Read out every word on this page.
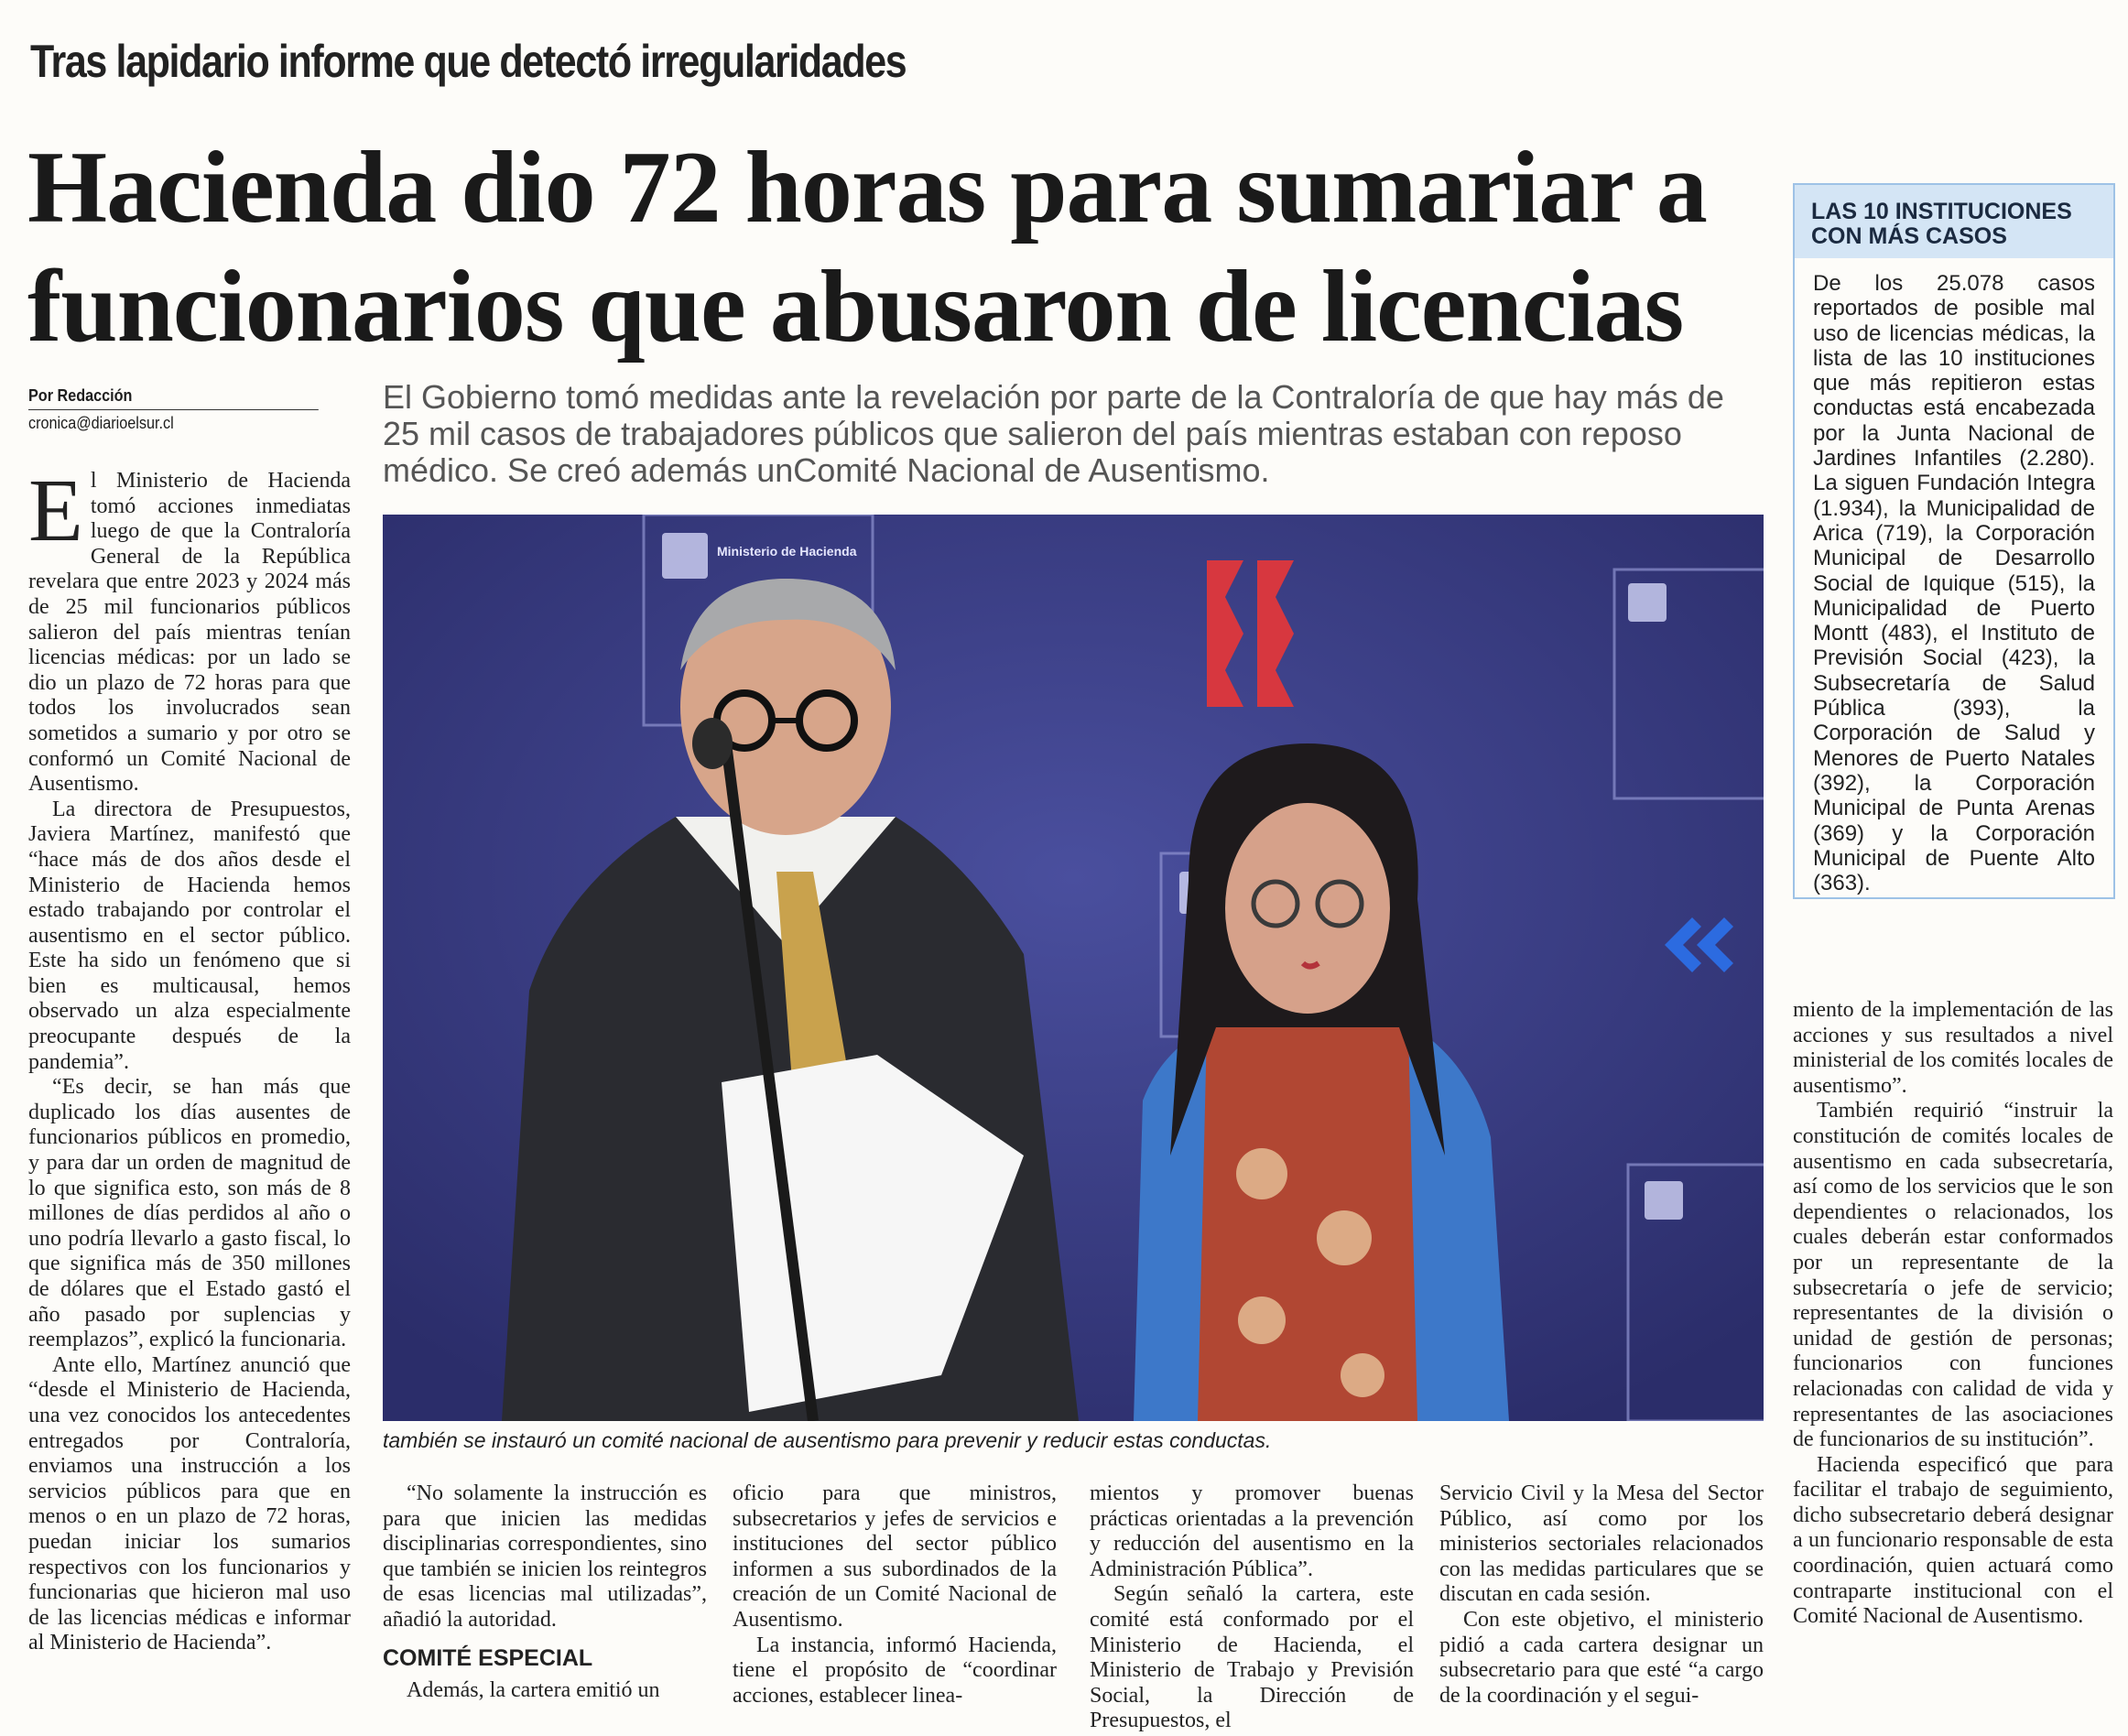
Tras lapidario informe que detectó irregularidades
Hacienda dio 72 horas para sumariar a funcionarios que abusaron de licencias
Por Redacción
cronica@diarioelsur.cl
El Gobierno tomó medidas ante la revelación por parte de la Contraloría de que hay más de 25 mil casos de trabajadores públicos que salieron del país mientras estaban con reposo médico. Se creó además unComité Nacional de Ausentismo.
Ministerio de Hacienda
también se instauró un comité nacional de ausentismo para prevenir y reducir estas conductas.

El Ministerio de Hacienda tomó acciones inmediatas luego de que la Contraloría General de la República revelara que entre 2023 y 2024 más de 25 mil funcionarios públicos salieron del país mientras tenían licencias médicas: por un lado se dio un plazo de 72 horas para que todos los involucrados sean sometidos a sumario y por otro se conformó un Comité Nacional de Ausentismo.

La directora de Presupuestos, Javiera Martínez, manifestó que “hace más de dos años desde el Ministerio de Hacienda hemos estado trabajando por controlar el ausentismo en el sector público. Este ha sido un fenómeno que si bien es multicausal, hemos observado un alza especialmente preocupante después de la pandemia”.

“Es decir, se han más que duplicado los días ausentes de funcionarios públicos en promedio, y para dar un orden de magnitud de lo que significa esto, son más de 8 millones de días perdidos al año o uno podría llevarlo a gasto fiscal, lo que significa más de 350 millones de dólares que el Estado gastó el año pasado por suplencias y reemplazos”, explicó la funcionaria.

Ante ello, Martínez anunció que “desde el Ministerio de Hacienda, una vez conocidos los antecedentes entregados por Contraloría, enviamos una instrucción a los servicios públicos para que en menos o en un plazo de 72 horas, puedan iniciar los sumarios respectivos con los funcionarios y funcionarias que hicieron mal uso de las licencias médicas e informar al Ministerio de Hacienda”.

“No solamente la instrucción es para que inicien las medidas disciplinarias correspondientes, sino que también se inicien los reintegros de esas licencias mal utilizadas”, añadió la autoridad.

COMITÉ ESPECIAL

Además, la cartera emitió un

oficio para que ministros, subsecretarios y jefes de servicios e instituciones del sector público informen a sus subordinados de la creación de un Comité Nacional de Ausentismo.

La instancia, informó Hacienda, tiene el propósito de “coordinar acciones, establecer linea-

mientos y promover buenas prácticas orientadas a la prevención y reducción del ausentismo en la Administración Pública”.

Según señaló la cartera, este comité está conformado por el Ministerio de Hacienda, el Ministerio de Trabajo y Previsión Social, la Dirección de Presupuestos, el

Servicio Civil y la Mesa del Sector Público, así como por los ministerios sectoriales relacionados con las medidas particulares que se discutan en cada sesión.

Con este objetivo, el ministerio pidió a cada cartera designar un subsecretario para que esté “a cargo de la coordinación y el segui-

LAS 10 INSTITUCIONES CON MÁS CASOS
De los 25.078 casos reportados de posible mal uso de licencias médicas, la lista de las 10 instituciones que más repitieron estas conductas está encabezada por la Junta Nacional de Jardines Infantiles (2.280). La siguen Fundación Integra (1.934), la Municipalidad de Arica (719), la Corporación Municipal de Desarrollo Social de Iquique (515), la Municipalidad de Puerto Montt (483), el Instituto de Previsión Social (423), la Subsecretaría de Salud Pública (393), la Corporación de Salud y Menores de Puerto Natales (392), la Corporación Municipal de Punta Arenas (369) y la Corporación Municipal de Puente Alto (363).

miento de la implementación de las acciones y sus resultados a nivel ministerial de los comités locales de ausentismo”.

También requirió “instruir la constitución de comités locales de ausentismo en cada subsecretaría, así como de los servicios que le son dependientes o relacionados, los cuales deberán estar conformados por un representante de la subsecretaría o jefe de servicio; representantes de la división o unidad de gestión de personas; funcionarios con funciones relacionadas con calidad de vida y representantes de las asociaciones de funcionarios de su institución”.

Hacienda especificó que para facilitar el trabajo de seguimiento, dicho subsecretario deberá designar a un funcionario responsable de esta coordinación, quien actuará como contraparte institucional con el Comité Nacional de Ausentismo.
